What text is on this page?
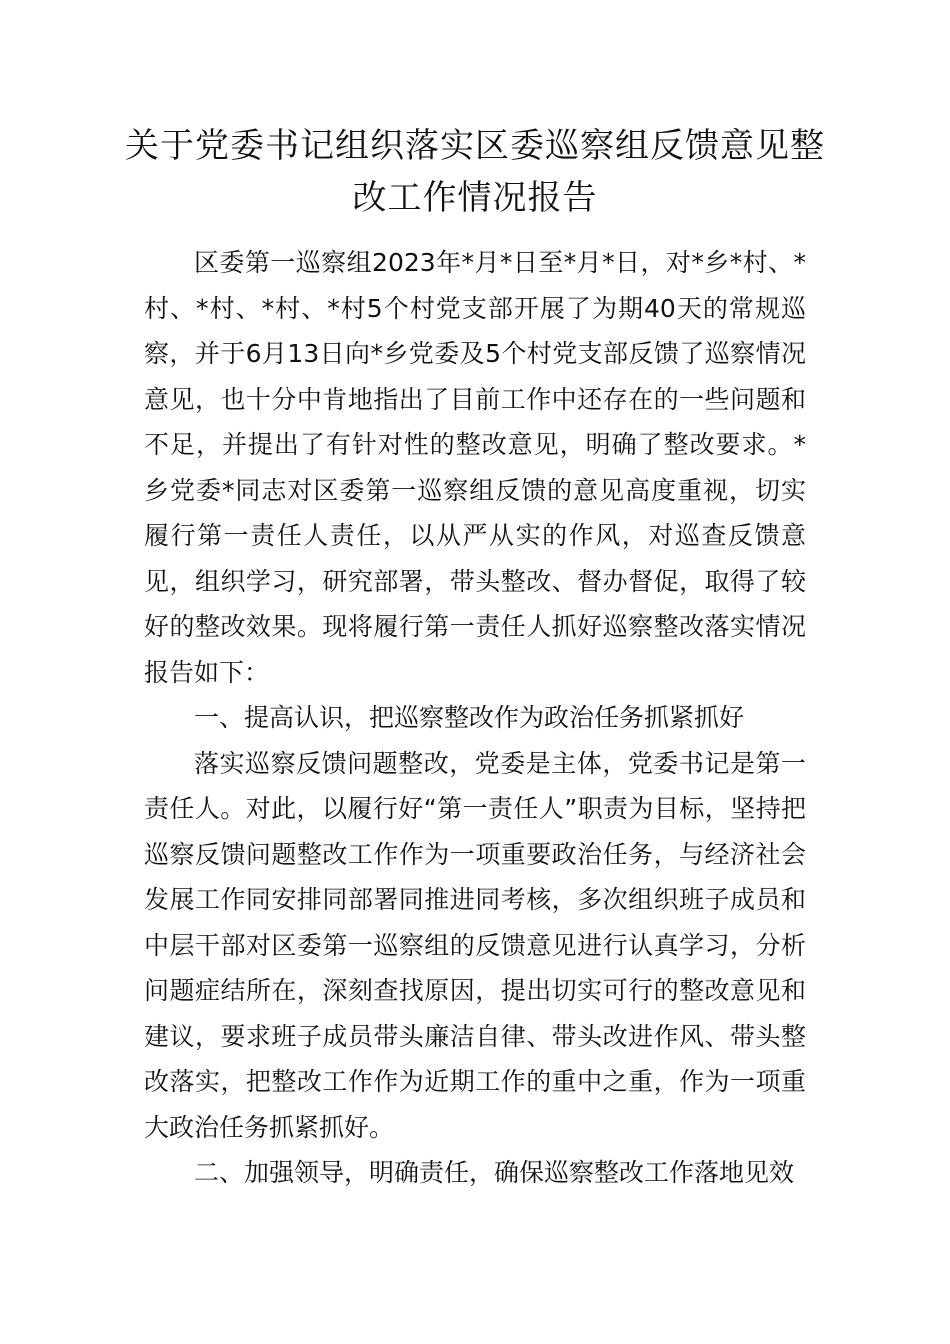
关于党委书记组织落实区委巡察组反馈意见整改工作情况报告

区委第一巡察组2023年*月*日至*月*日，对*乡*村、*村、*村、*村、*村5个村党支部开展了为期40天的常规巡察，并于6月13日向*乡党委及5个村党支部反馈了巡察情况意见，也十分中肯地指出了目前工作中还存在的一些问题和不足，并提出了有针对性的整改意见，明确了整改要求。*乡党委*同志对区委第一巡察组反馈的意见高度重视，切实履行第一责任人责任，以从严从实的作风，对巡查反馈意见，组织学习，研究部署，带头整改、督办督促，取得了较好的整改效果。现将履行第一责任人抓好巡察整改落实情况报告如下：

一、提高认识，把巡察整改作为政治任务抓紧抓好

落实巡察反馈问题整改，党委是主体，党委书记是第一责任人。对此，以履行好“第一责任人”职责为目标，坚持把巡察反馈问题整改工作作为一项重要政治任务，与经济社会发展工作同安排同部署同推进同考核，多次组织班子成员和中层干部对区委第一巡察组的反馈意见进行认真学习，分析问题症结所在，深刻查找原因，提出切实可行的整改意见和建议，要求班子成员带头廉洁自律、带头改进作风、带头整改落实，把整改工作作为近期工作的重中之重，作为一项重大政治任务抓紧抓好。

二、加强领导，明确责任，确保巡察整改工作落地见效
